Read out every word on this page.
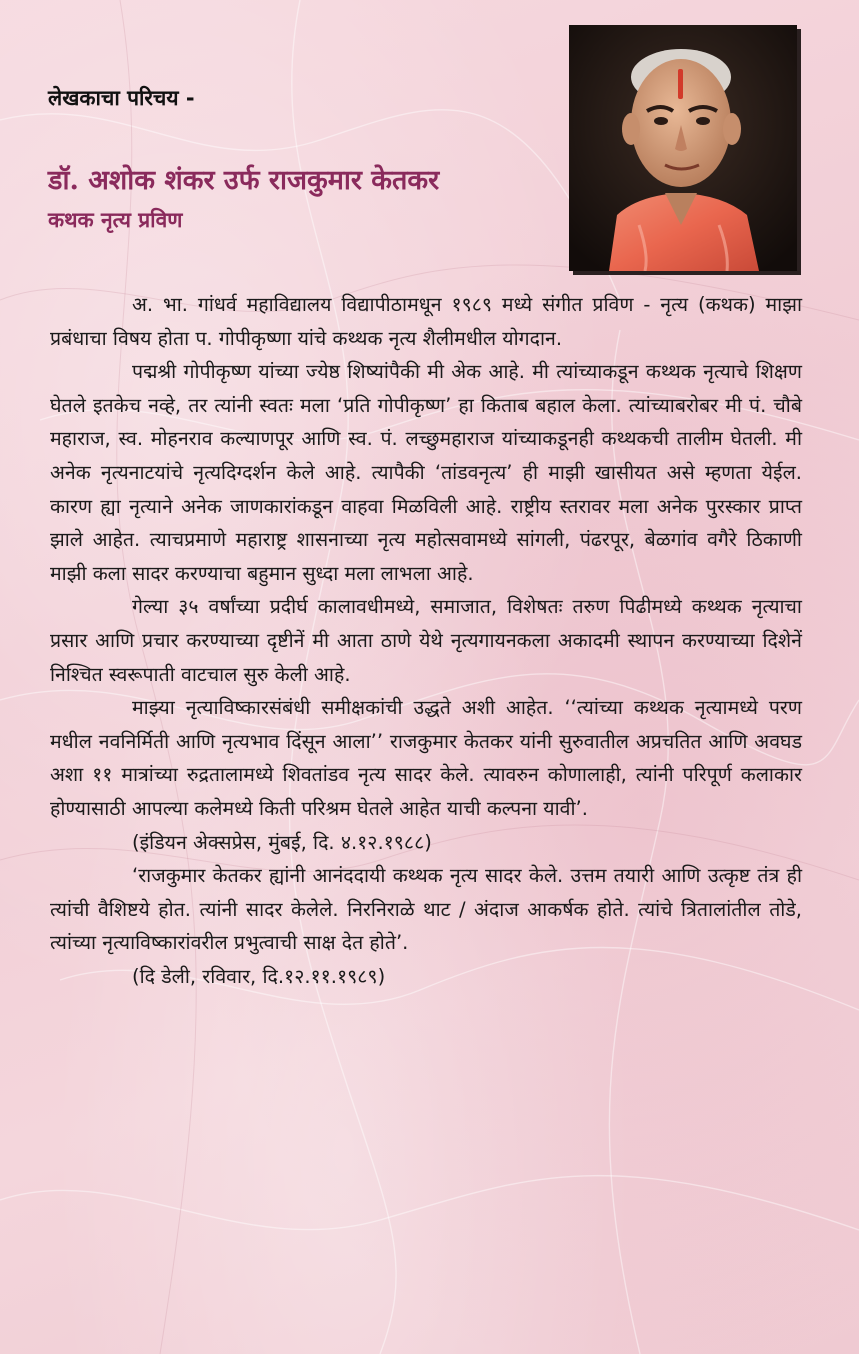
लेखकाचा परिचय -
डॉ. अशोक शंकर उर्फ राजकुमार केतकर
कथक नृत्य प्रविण

अ. भा. गांधर्व महाविद्यालय विद्यापीठामधून १९८९ मध्ये संगीत प्रविण - नृत्य (कथक) माझा प्रबंधाचा विषय होता प. गोपीकृष्णा यांचे कथ्थक नृत्य शैलीमधील योगदान.

पद्मश्री गोपीकृष्ण यांच्या ज्येष्ठ शिष्यांपैकी मी अेक आहे. मी त्यांच्याकडून कथ्थक नृत्याचे शिक्षण घेतले इतकेच नव्हे, तर त्यांनी स्वतः मला ‘प्रति गोपीकृष्ण’ हा किताब बहाल केला. त्यांच्याबरोबर मी पं. चौबे महाराज, स्व. मोहनराव कल्याणपूर आणि स्व. पं. लच्छुमहाराज यांच्याकडूनही कथ्थकची तालीम घेतली. मी अनेक नृत्यनाटयांचे नृत्यदिग्दर्शन केले आहे. त्यापैकी ‘तांडवनृत्य’ ही माझी खासीयत असे म्हणता येईल. कारण ह्या नृत्याने अनेक जाणकारांकडून वाहवा मिळविली आहे. राष्ट्रीय स्तरावर मला अनेक पुरस्कार प्राप्त झाले आहेत. त्याचप्रमाणे महाराष्ट्र शासनाच्या नृत्य महोत्सवामध्ये सांगली, पंढरपूर, बेळगांव वगैरे ठिकाणी माझी कला सादर करण्याचा बहुमान सुध्दा मला लाभला आहे.

गेल्या ३५ वर्षांच्या प्रदीर्घ कालावधीमध्ये, समाजात, विशेषतः तरुण पिढीमध्ये कथ्थक नृत्याचा प्रसार आणि प्रचार करण्याच्या दृष्टीनें मी आता ठाणे येथे नृत्यगायनकला अकादमी स्थापन करण्याच्या दिशेनें निश्चित स्वरूपाती वाटचाल सुरु केली आहे.

माझ्या नृत्याविष्कारसंबंधी समीक्षकांची उद्धते अशी आहेत. ‘‘त्यांच्या कथ्थक नृत्यामध्ये परण मधील नवनिर्मिती आणि नृत्यभाव दिंसून आला’’ राजकुमार केतकर यांनी सुरुवातील अप्रचतित आणि अवघड अशा ११ मात्रांच्या रुद्रतालामध्ये शिवतांडव नृत्य सादर केले. त्यावरुन कोणालाही, त्यांनी परिपूर्ण कलाकार होण्यासाठी आपल्या कलेमध्ये किती परिश्रम घेतले आहेत याची कल्पना यावी’.

(इंडियन अेक्सप्रेस, मुंबई, दि. ४.१२.१९८८)

‘राजकुमार केतकर ह्यांनी आनंददायी कथ्थक नृत्य सादर केले. उत्तम तयारी आणि उत्कृष्ट तंत्र ही त्यांची वैशिष्टये होत. त्यांनी सादर केलेले. निरनिराळे थाट / अंदाज आकर्षक होते. त्यांचे त्रितालांतील तोडे, त्यांच्या नृत्याविष्कारांवरील प्रभुत्वाची साक्ष देत होते’.

(दि डेली, रविवार, दि.१२.११.१९८९)
